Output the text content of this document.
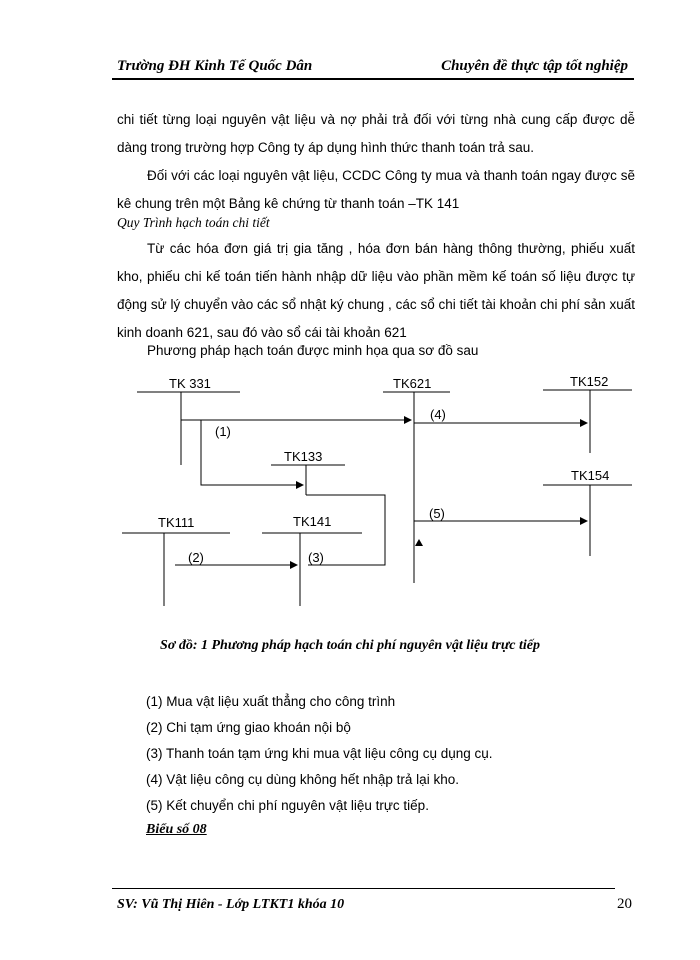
Trường ĐH Kinh Tế Quốc Dân	Chuyên đề thực tập tốt nghiệp
chi tiết từng loại nguyên vật liệu và nợ phải trả đối với từng nhà cung cấp được dễ dàng trong trường hợp Công ty áp dụng hình thức thanh toán trả sau.
Đối với các loại nguyên vật liệu, CCDC Công ty mua và thanh toán ngay được sẽ kê chung trên một Bảng kê chứng từ thanh toán –TK 141
Quy Trình hạch toán chi tiết
Từ các hóa đơn giá trị gia tăng , hóa đơn bán hàng thông thường, phiếu xuất kho, phiếu chi kế toán tiến hành nhập dữ liệu vào phần mềm kế toán số liệu được tự động sử lý chuyển vào các sổ nhật ký chung , các sổ chi tiết tài khoản chi phí sản xuất kinh doanh 621, sau đó vào sổ cái tài khoản 621
Phương pháp hạch toán được minh họa qua sơ đồ sau
TK 331	TK621	TK152
TK133
TK154
TK111	TK141
(1)
(2)	(3)
(4)
(5)
Sơ đồ: 1 Phương pháp hạch toán chi phí nguyên vật liệu trực tiếp
(1) Mua vật liệu xuất thẳng cho công trình
(2) Chi tạm ứng giao khoán nội bộ
(3) Thanh toán tạm ứng khi mua vật liệu công cụ dụng cụ.
(4) Vật liệu công cụ dùng không hết nhập trả lại kho.
(5) Kết chuyển chi phí nguyên vật liệu trực tiếp.
Biểu số 08
SV: Vũ Thị Hiên - Lớp LTKT1 khóa 10	20
